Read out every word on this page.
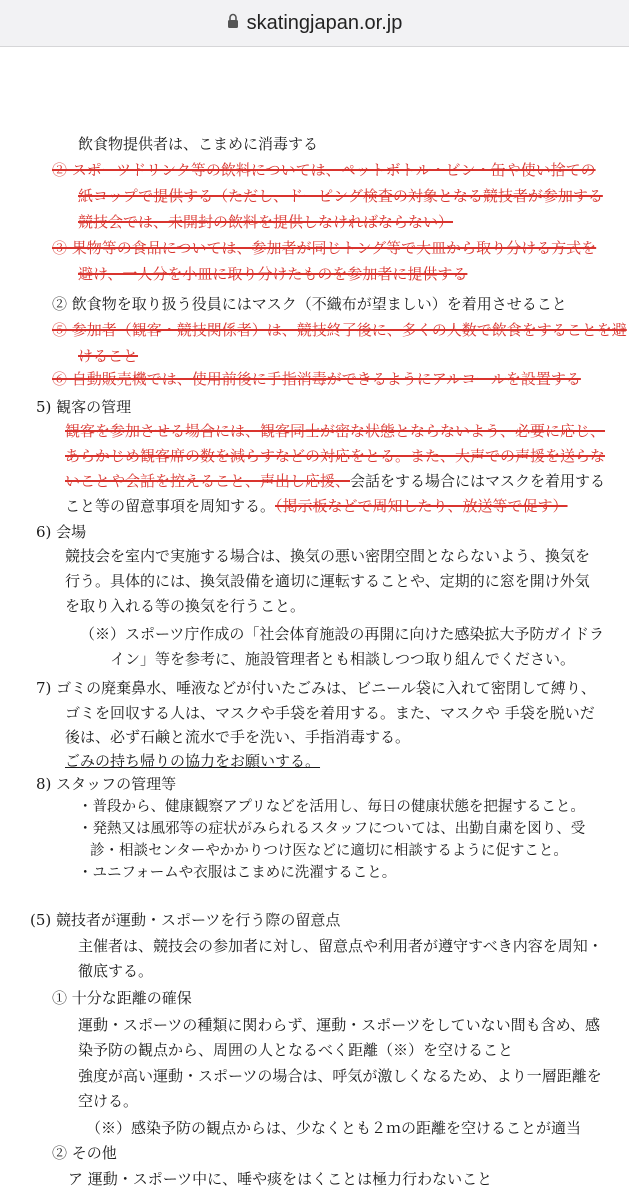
skatingjapan.or.jp
飲食物提供者は、こまめに消毒する
② スポーツドリンク等の飲料については、ペットボトル・ビン・缶や使い捨ての
紙コップで提供する（ただし、ドーピング検査の対象となる競技者が参加する
競技会では、未開封の飲料を提供しなければならない）
③ 果物等の食品については、参加者が同じトング等で大皿から取り分ける方式を
避け、一人分を小皿に取り分けたものを参加者に提供する
② 飲食物を取り扱う役員にはマスク（不織布が望ましい）を着用させること
⑤ 参加者（観客・競技関係者）は、競技終了後に、多くの人数で飲食をすることを避
けること
⑥ 自動販売機では、使用前後に手指消毒ができるようにアルコールを設置する
5) 観客の管理
観客を参加させる場合には、観客同士が密な状態とならないよう、必要に応じ、
あらかじめ観客席の数を減らすなどの対応をとる。また、大声での声援を送らな
いことや会話を控えること、声出し応援、会話をする場合にはマスクを着用する
こと等の留意事項を周知する。（掲示板などで周知したり、放送等で促す）
6) 会場
競技会を室内で実施する場合は、換気の悪い密閉空間とならないよう、換気を
行う。具体的には、換気設備を適切に運転することや、定期的に窓を開け外気
を取り入れる等の換気を行うこと。
（※）スポーツ庁作成の「社会体育施設の再開に向けた感染拡大予防ガイドラ
イン」等を参考に、施設管理者とも相談しつつ取り組んでください。
7) ゴミの廃棄鼻水、唾液などが付いたごみは、ビニール袋に入れて密閉して縛り、
ゴミを回収する人は、マスクや手袋を着用する。また、マスクや 手袋を脱いだ
後は、必ず石鹸と流水で手を洗い、手指消毒する。
ごみの持ち帰りの協力をお願いする。
8) スタッフの管理等
・普段から、健康観察アプリなどを活用し、毎日の健康状態を把握すること。
・発熱又は風邪等の症状がみられるスタッフについては、出勤自粛を図り、受
診・相談センターやかかりつけ医などに適切に相談するように促すこと。
・ユニフォームや衣服はこまめに洗濯すること。
(5) 競技者が運動・スポーツを行う際の留意点
主催者は、競技会の参加者に対し、留意点や利用者が遵守すべき内容を周知・
徹底する。
① 十分な距離の確保
運動・スポーツの種類に関わらず、運動・スポーツをしていない間も含め、感
染予防の観点から、周囲の人となるべく距離（※）を空けること
強度が高い運動・スポーツの場合は、呼気が激しくなるため、より一層距離を
空ける。
（※）感染予防の観点からは、少なくとも２ｍの距離を空けることが適当
② その他
ア 運動・スポーツ中に、唾や痰をはくことは極力行わないこと
